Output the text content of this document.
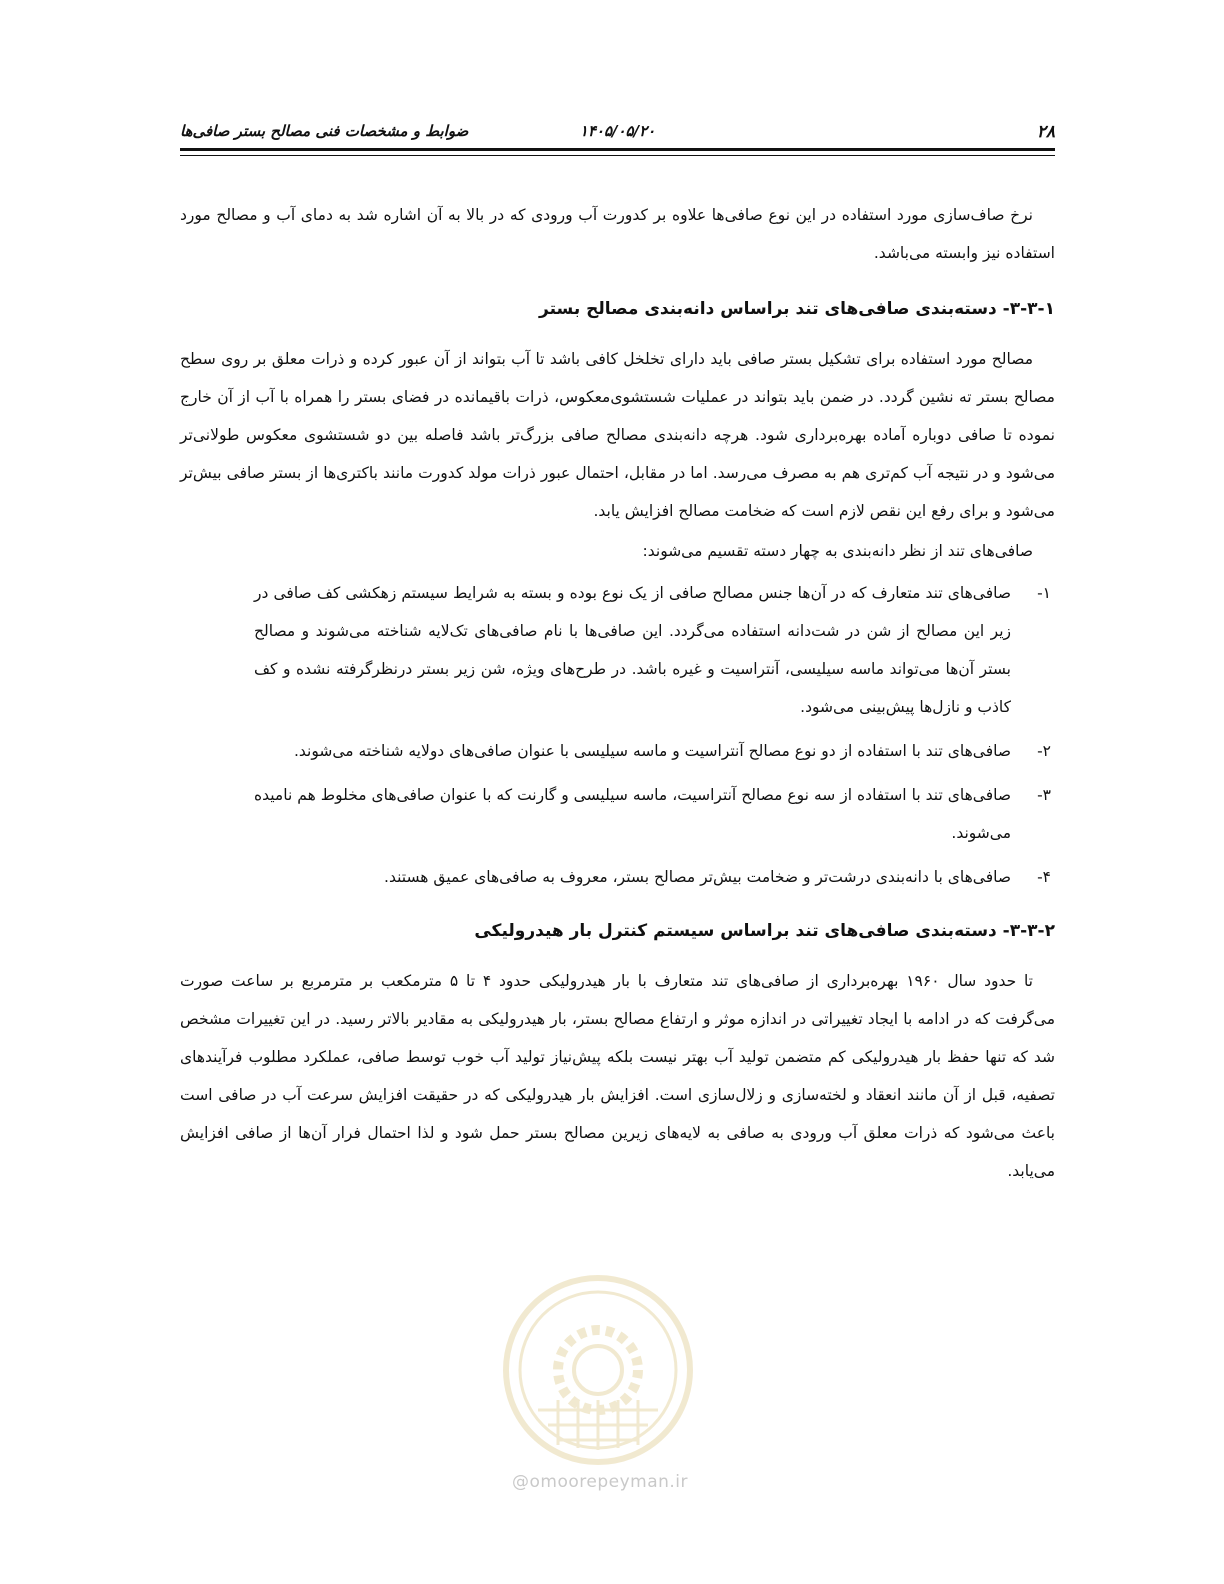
۲۸
۱۴۰۵/۰۵/۲۰
ضوابط و مشخصات فنی مصالح بستر صافی‌ها

نرخ صاف‌سازی مورد استفاده در این نوع صافی‌ها علاوه بر کدورت آب ورودی که در بالا به آن اشاره شد به دمای آب و مصالح مورد استفاده نیز وابسته می‌باشد.

۳-۳-۱- دسته‌بندی صافی‌های تند براساس دانه‌بندی مصالح بستر

مصالح مورد استفاده برای تشکیل بستر صافی باید دارای تخلخل کافی باشد تا آب بتواند از آن عبور کرده و ذرات معلق بر روی سطح مصالح بستر ته نشین گردد. در ضمن باید بتواند در عملیات شستشوی‌معکوس، ذرات باقیمانده در فضای بستر را همراه با آب از آن خارج نموده تا صافی دوباره آماده بهره‌برداری شود. هرچه دانه‌بندی مصالح صافی بزرگ‌تر باشد فاصله بین دو شستشوی معکوس طولانی‌تر می‌شود و در نتیجه آب کم‌تری هم به مصرف می‌رسد. اما در مقابل، احتمال عبور ذرات مولد کدورت مانند باکتری‌ها از بستر صافی بیش‌تر می‌شود و برای رفع این نقص لازم است که ضخامت مصالح افزایش یابد.

صافی‌های تند از نظر دانه‌بندی به چهار دسته تقسیم می‌شوند:

۱-
صافی‌های تند متعارف که در آن‌ها جنس مصالح صافی از یک نوع بوده و بسته به شرایط سیستم زهکشی کف صافی در زیر این مصالح از شن در شت‌دانه استفاده می‌گردد. این صافی‌ها با نام صافی‌های تک‌لایه شناخته می‌شوند و مصالح بستر آن‌ها می‌تواند ماسه سیلیسی، آنتراسیت و غیره باشد. در طرح‌های ویژه، شن زیر بستر درنظرگرفته نشده و کف کاذب و نازل‌ها پیش‌بینی می‌شود.
۲-
صافی‌های تند با استفاده از دو نوع مصالح آنتراسیت و ماسه سیلیسی با عنوان صافی‌های دولایه شناخته می‌شوند.
۳-
صافی‌های تند با استفاده از سه نوع مصالح آنتراسیت، ماسه سیلیسی و گارنت که با عنوان صافی‌های مخلوط هم نامیده می‌شوند.
۴-
صافی‌های با دانه‌بندی درشت‌تر و ضخامت بیش‌تر مصالح بستر، معروف به صافی‌های عمیق هستند.
۳-۳-۲- دسته‌بندی صافی‌های تند براساس سیستم کنترل بار هیدرولیکی

تا حدود سال ۱۹۶۰ بهره‌برداری از صافی‌های تند متعارف با بار هیدرولیکی حدود ۴ تا ۵ مترمکعب بر مترمربع بر ساعت صورت می‌گرفت که در ادامه با ایجاد تغییراتی در اندازه موثر و ارتفاع مصالح بستر، بار هیدرولیکی به مقادیر بالاتر رسید. در این تغییرات مشخص شد که تنها حفظ بار هیدرولیکی کم متضمن تولید آب بهتر نیست بلکه پیش‌نیاز تولید آب خوب توسط صافی، عملکرد مطلوب فرآیندهای تصفیه، قبل از آن مانند انعقاد و لخته‌سازی و زلال‌سازی است. افزایش بار هیدرولیکی که در حقیقت افزایش سرعت آب در صافی است باعث می‌شود که ذرات معلق آب ورودی به صافی به لایه‌های زیرین مصالح بستر حمل شود و لذا احتمال فرار آن‌ها از صافی افزایش می‌یابد.

@omoorepeyman.ir
